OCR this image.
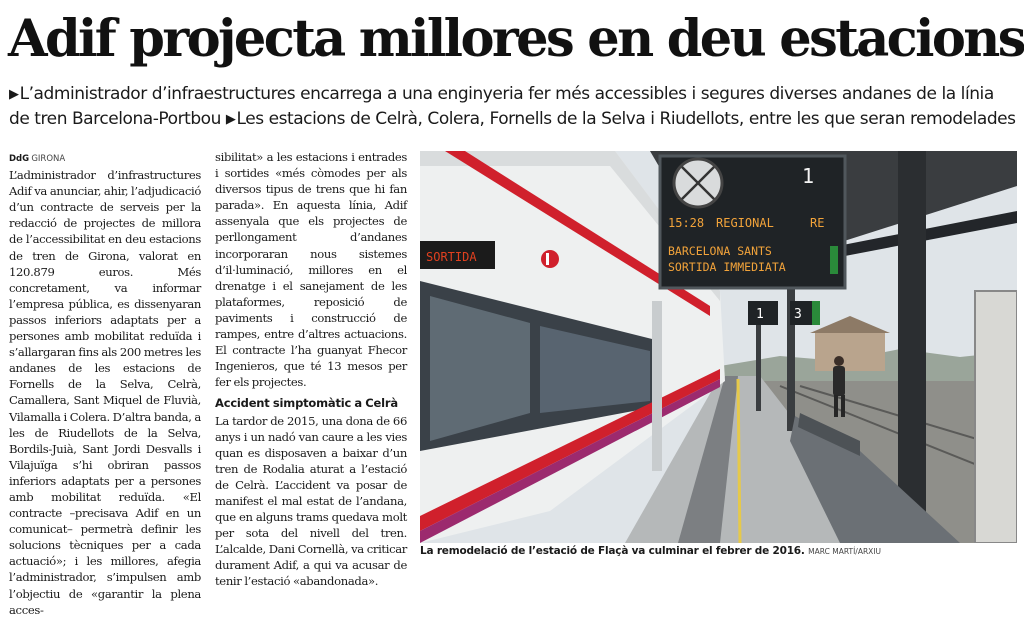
Adif projecta millores en deu estacions
▶L’administrador d’infraestructures encarrega a una enginyeria fer més accessibles i segures diverses andanes de la línia de tren Barcelona-Portbou ▶Les estacions de Celrà, Colera, Fornells de la Selva i Riudellots, entre les que seran remodelades

DdG GIRONA

L’administrador d’infrastructures Adif va anunciar, ahir, l’adjudicació d’un contracte de serveis per la redacció de projectes de millora de l’accessibilitat en deu estacions de tren de Girona, valorat en 120.879 euros. Més concretament, va informar l’empresa pública, es dissenyaran passos inferiors adaptats per a persones amb mobilitat reduïda i s’allargaran fins als 200 metres les andanes de les estacions de Fornells de la Selva, Celrà, Camallera, Sant Miquel de Fluvià, Vilamalla i Colera. D’altra banda, a les de Riudellots de la Selva, Bordils-Juià, Sant Jordi Desvalls i Vilajuïga s’hi obriran passos inferiors adaptats per a persones amb mobilitat reduïda. «El contracte –precisava Adif en un comunicat– permetrà definir les solucions tècniques per a cada actuació»; i les millores, afegia l’administrador, s’impulsen amb l’objectiu de «garantir la plena acces-

sibilitat» a les estacions i entrades i sortides «més còmodes per als diversos tipus de trens que hi fan parada». En aquesta línia, Adif assenyala que els projectes de perllongament d’andanes incorporaran nous sistemes d’il·luminació, millores en el drenatge i el sanejament de les plataformes, reposició de paviments i construcció de rampes, entre d’altres actuacions. El contracte l’ha guanyat Fhecor Ingenieros, que té 13 mesos per fer els projectes.

Accident simptomàtic a Celrà

La tardor de 2015, una dona de 66 anys i un nadó van caure a les vies quan es disposaven a baixar d’un tren de Rodalia aturat a l’estació de Celrà. L’accident va posar de manifest el mal estat de l’andana, que en alguns trams quedava molt per sota del nivell del tren. L’alcalde, Dani Cornellà, va criticar durament Adif, a qui va acusar de tenir l’estació «abandonada».

SORTIDA
1
15:28 REGIONAL	RE
BARCELONA SANTS
SORTIDA IMMEDIATA
1 3
La remodelació de l’estació de Flaçà va culminar el febrer de 2016. MARC MARTÍ/ARXIU
